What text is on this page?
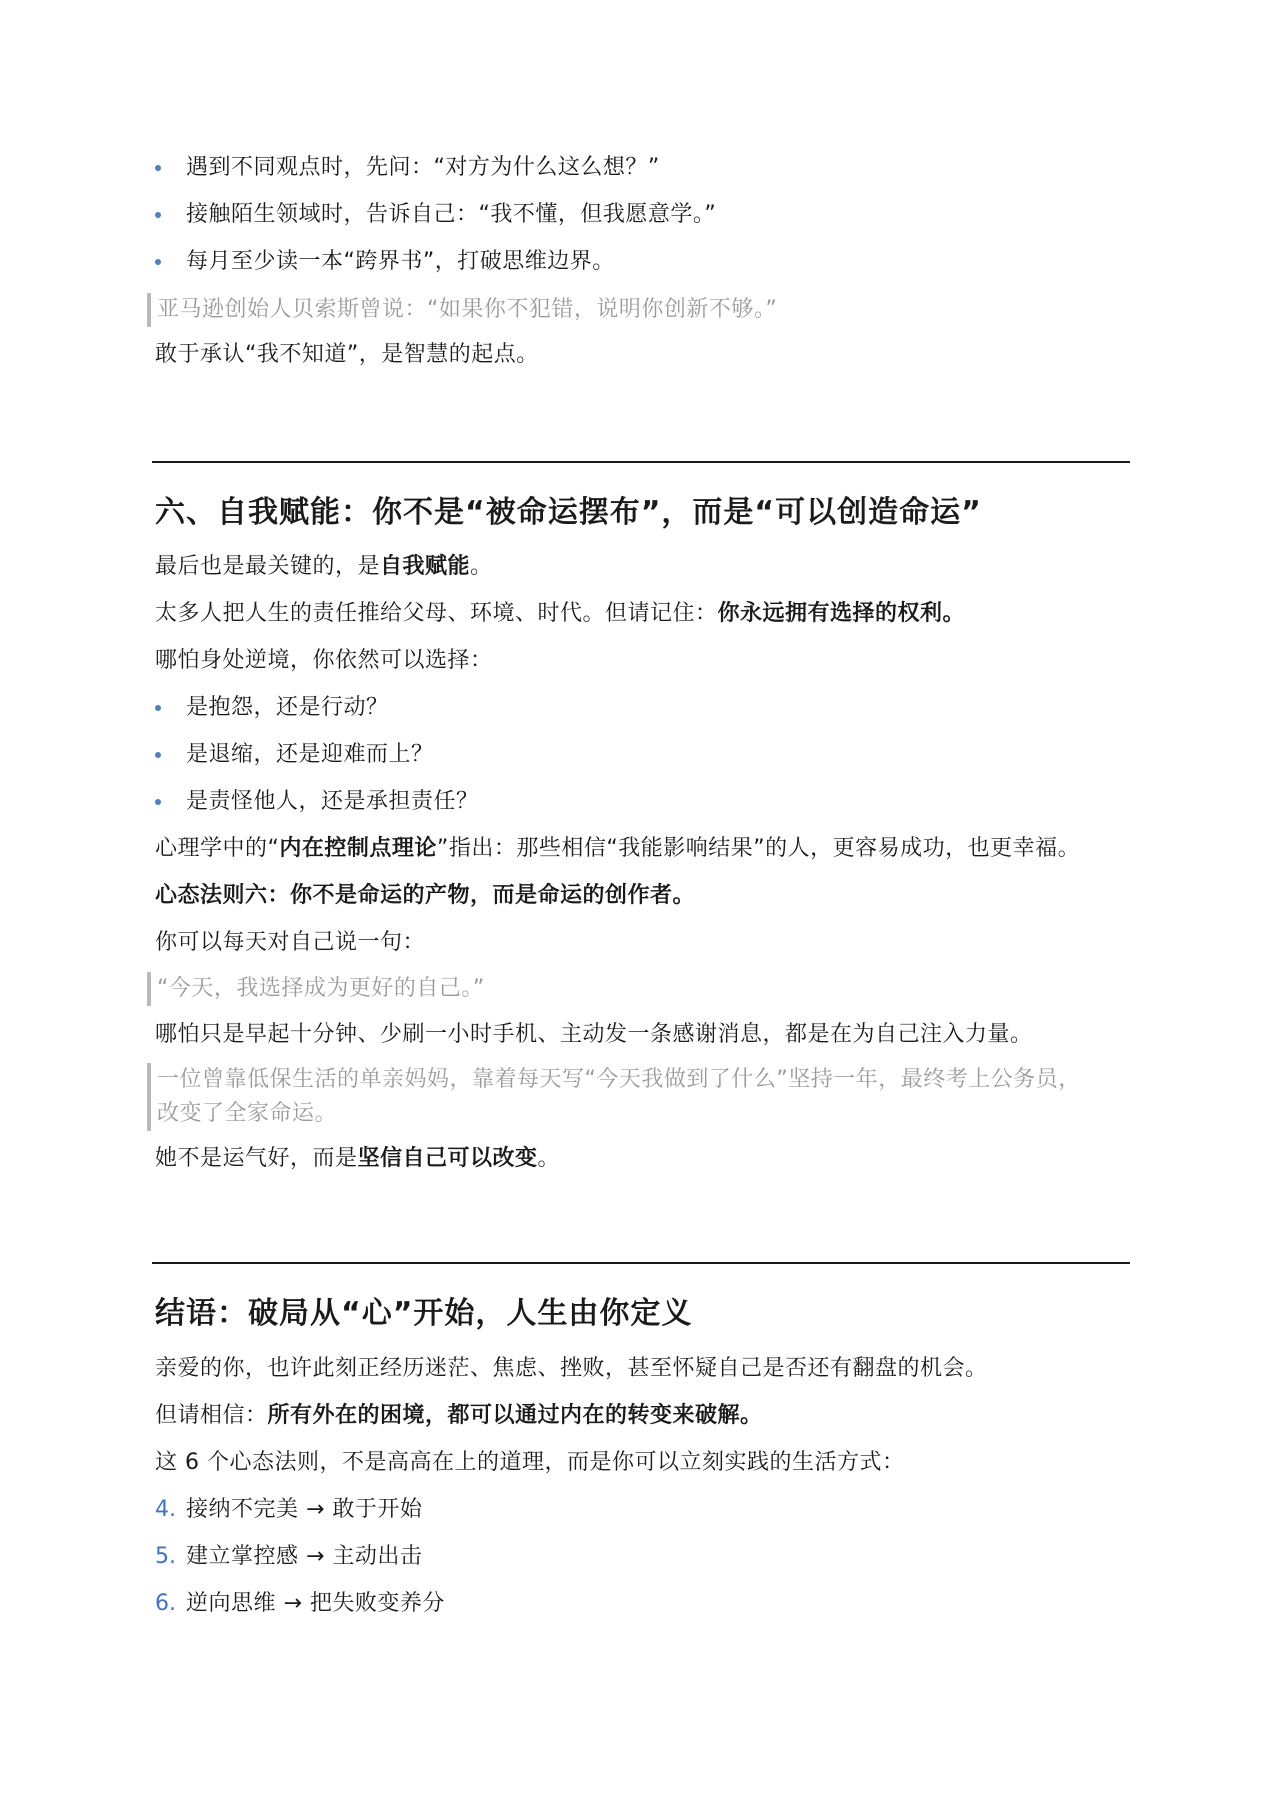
遇到不同观点时，先问：“对方为什么这么想？”
接触陌生领域时，告诉自己：“我不懂，但我愿意学。”
每月至少读一本“跨界书”，打破思维边界。
亚马逊创始人贝索斯曾说：“如果你不犯错，说明你创新不够。”
敢于承认“我不知道”，是智慧的起点。
六、自我赋能：你不是“被命运摆布”，而是“可以创造命运”
最后也是最关键的，是自我赋能。
太多人把人生的责任推给父母、环境、时代。但请记住：你永远拥有选择的权利。
哪怕身处逆境，你依然可以选择：
是抱怨，还是行动？
是退缩，还是迎难而上？
是责怪他人，还是承担责任？
心理学中的“内在控制点理论”指出：那些相信“我能影响结果”的人，更容易成功，也更幸福。
心态法则六：你不是命运的产物，而是命运的创作者。
你可以每天对自己说一句：
“今天，我选择成为更好的自己。”
哪怕只是早起十分钟、少刷一小时手机、主动发一条感谢消息，都是在为自己注入力量。
一位曾靠低保生活的单亲妈妈，靠着每天写“今天我做到了什么”坚持一年，最终考上公务员，
改变了全家命运。
她不是运气好，而是坚信自己可以改变。
结语：破局从“心”开始，人生由你定义
亲爱的你，也许此刻正经历迷茫、焦虑、挫败，甚至怀疑自己是否还有翻盘的机会。
但请相信：所有外在的困境，都可以通过内在的转变来破解。
这 6 个心态法则，不是高高在上的道理，而是你可以立刻实践的生活方式：
4. 接纳不完美 → 敢于开始
5. 建立掌控感 → 主动出击
6. 逆向思维 → 把失败变养分
